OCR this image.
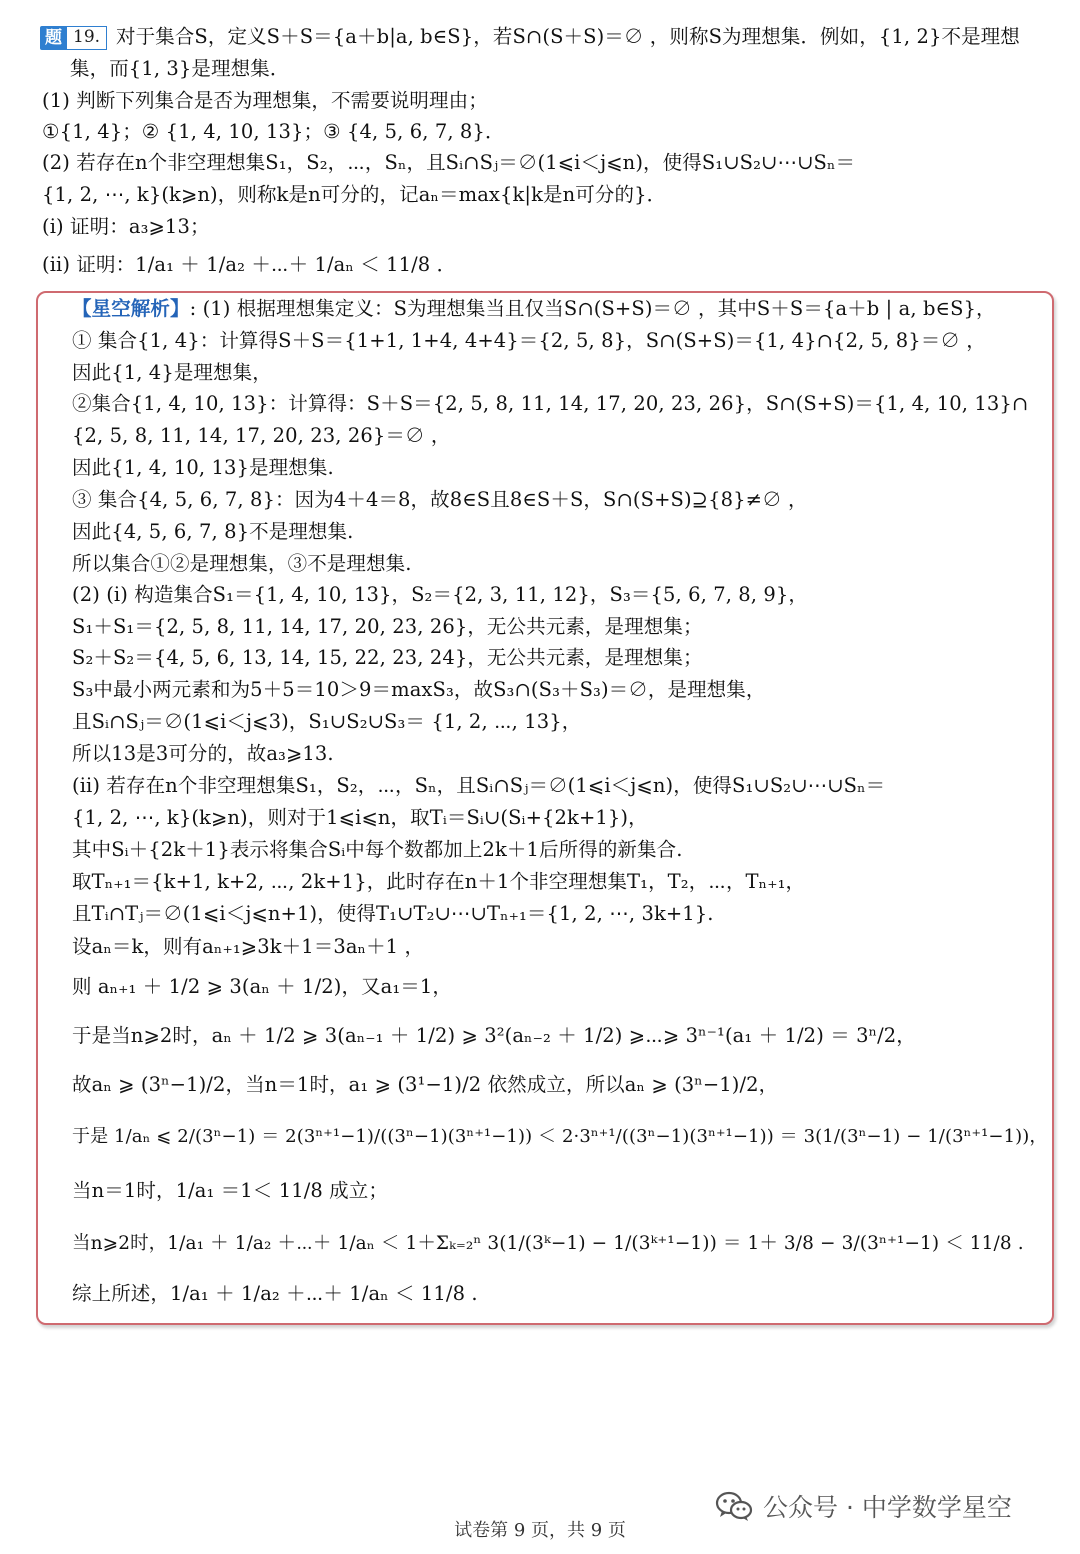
题 19. 对于集合S，定义S＋S＝{a＋b|a, b∈S}，若S∩(S＋S)＝∅ ，则称S为理想集．例如，{1, 2}不是理想
集，而{1, 3}是理想集．
(1) 判断下列集合是否为理想集，不需要说明理由；
①{1, 4}；② {1, 4, 10, 13}；③ {4, 5, 6, 7, 8}．
(2) 若存在n个非空理想集S₁，S₂，⋯，Sₙ，且Sᵢ∩Sⱼ＝∅(1⩽i＜j⩽n)，使得S₁∪S₂∪⋯∪Sₙ＝
{1, 2, ⋯, k}(k⩾n)，则称k是n可分的，记aₙ＝max{k|k是n可分的}．
(i) 证明：a₃⩾13；
(ii) 证明：1/a₁ ＋ 1/a₂ ＋⋯＋ 1/aₙ ＜ 11/8 ．
【星空解析】: (1) 根据理想集定义：S为理想集当且仅当S∩(S+S)＝∅ ，其中S＋S＝{a＋b | a, b∈S}，
① 集合{1, 4}：计算得S＋S＝{1+1, 1+4, 4+4}＝{2, 5, 8}，S∩(S+S)＝{1, 4}∩{2, 5, 8}＝∅ ，
因此{1, 4}是理想集，
②集合{1, 4, 10, 13}：计算得：S＋S＝{2, 5, 8, 11, 14, 17, 20, 23, 26}，S∩(S+S)＝{1, 4, 10, 13}∩
{2, 5, 8, 11, 14, 17, 20, 23, 26}＝∅ ，
因此{1, 4, 10, 13}是理想集.
③ 集合{4, 5, 6, 7, 8}：因为4＋4＝8，故8∈S且8∈S＋S，S∩(S+S)⊇{8}≠∅ ，
因此{4, 5, 6, 7, 8}不是理想集.
所以集合①②是理想集，③不是理想集.
(2) (i) 构造集合S₁＝{1, 4, 10, 13}，S₂＝{2, 3, 11, 12}，S₃＝{5, 6, 7, 8, 9}，
S₁＋S₁＝{2, 5, 8, 11, 14, 17, 20, 23, 26}，无公共元素，是理想集；
S₂＋S₂＝{4, 5, 6, 13, 14, 15, 22, 23, 24}，无公共元素，是理想集；
S₃中最小两元素和为5＋5＝10＞9＝maxS₃，故S₃∩(S₃＋S₃)＝∅，是理想集，
且Sᵢ∩Sⱼ＝∅(1⩽i＜j⩽3)，S₁∪S₂∪S₃＝ {1, 2, ⋯, 13}，
所以13是3可分的，故a₃⩾13.
(ii) 若存在n个非空理想集S₁，S₂，⋯，Sₙ，且Sᵢ∩Sⱼ＝∅(1⩽i＜j⩽n)，使得S₁∪S₂∪⋯∪Sₙ＝
{1, 2, ⋯, k}(k⩾n)，则对于1⩽i⩽n，取Tᵢ＝Sᵢ∪(Sᵢ+{2k+1})，
其中Sᵢ＋{2k＋1}表示将集合Sᵢ中每个数都加上2k＋1后所得的新集合.
取Tₙ₊₁＝{k+1, k+2, ⋯, 2k+1}，此时存在n＋1个非空理想集T₁，T₂，⋯，Tₙ₊₁，
且Tᵢ∩Tⱼ＝∅(1⩽i＜j⩽n+1)，使得T₁∪T₂∪⋯∪Tₙ₊₁＝{1, 2, ⋯, 3k+1}.
设aₙ＝k，则有aₙ₊₁⩾3k＋1＝3aₙ＋1 ，
则 aₙ₊₁ ＋ 1/2 ⩾ 3(aₙ ＋ 1/2)，又a₁＝1，
于是当n⩾2时，aₙ ＋ 1/2 ⩾ 3(aₙ₋₁ ＋ 1/2) ⩾ 3²(aₙ₋₂ ＋ 1/2) ⩾⋯⩾ 3ⁿ⁻¹(a₁ ＋ 1/2) ＝ 3ⁿ/2，
故aₙ ⩾ (3ⁿ−1)/2，当n＝1时，a₁ ⩾ (3¹−1)/2 依然成立，所以aₙ ⩾ (3ⁿ−1)/2，
于是 1/aₙ ⩽ 2/(3ⁿ−1) ＝ 2(3ⁿ⁺¹−1)/((3ⁿ−1)(3ⁿ⁺¹−1)) ＜ 2·3ⁿ⁺¹/((3ⁿ−1)(3ⁿ⁺¹−1)) ＝ 3(1/(3ⁿ−1) − 1/(3ⁿ⁺¹−1))，
当n＝1时，1/a₁ ＝1＜ 11/8 成立；
当n⩾2时，1/a₁ ＋ 1/a₂ ＋⋯＋ 1/aₙ ＜ 1＋Σₖ₌₂ⁿ 3(1/(3ᵏ−1) − 1/(3ᵏ⁺¹−1)) ＝ 1＋ 3/8 − 3/(3ⁿ⁺¹−1) ＜ 11/8 .
综上所述，1/a₁ ＋ 1/a₂ ＋⋯＋ 1/aₙ ＜ 11/8 .
公众号 · 中学数学星空
试卷第 9 页，共 9 页
